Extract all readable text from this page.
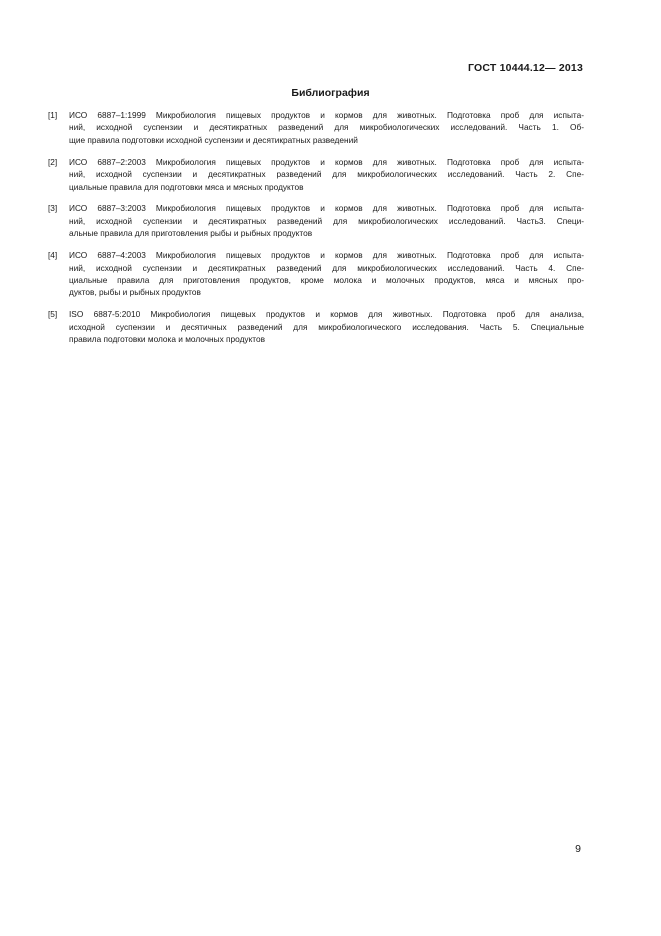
ГОСТ 10444.12— 2013
Библиография
[1]	ИСО 6887–1:1999 Микробиология пищевых продуктов и кормов для животных. Подготовка проб для испыта-
ний, исходной суспензии и десятикратных разведений для микробиологических исследований. Часть 1. Об-
щие правила подготовки исходной суспензии и десятикратных разведений
[2]	ИСО 6887–2:2003 Микробиология пищевых продуктов и кормов для животных. Подготовка проб для испыта-
ний, исходной суспензии и десятикратных разведений для микробиологических исследований. Часть 2. Спе-
циальные правила для подготовки мяса и мясных продуктов
[3]	ИСО 6887–3:2003 Микробиология пищевых продуктов и кормов для животных. Подготовка проб для испыта-
ний, исходной суспензии и десятикратных разведений для микробиологических исследований. Часть3. Специ-
альные правила для приготовления рыбы и рыбных продуктов
[4]	ИСО 6887–4:2003 Микробиология пищевых продуктов и кормов для животных. Подготовка проб для испыта-
ний, исходной суспензии и десятикратных разведений для микробиологических исследований. Часть 4. Спе-
циальные правила для приготовления продуктов, кроме молока и молочных продуктов, мяса и мясных про-
дуктов, рыбы и рыбных продуктов
[5]	ISO 6887-5:2010 Микробиология пищевых продуктов и кормов для животных. Подготовка проб для анализа,
исходной суспензии и десятичных разведений для микробиологического исследования. Часть 5. Специальные
правила подготовки молока и молочных продуктов
9
